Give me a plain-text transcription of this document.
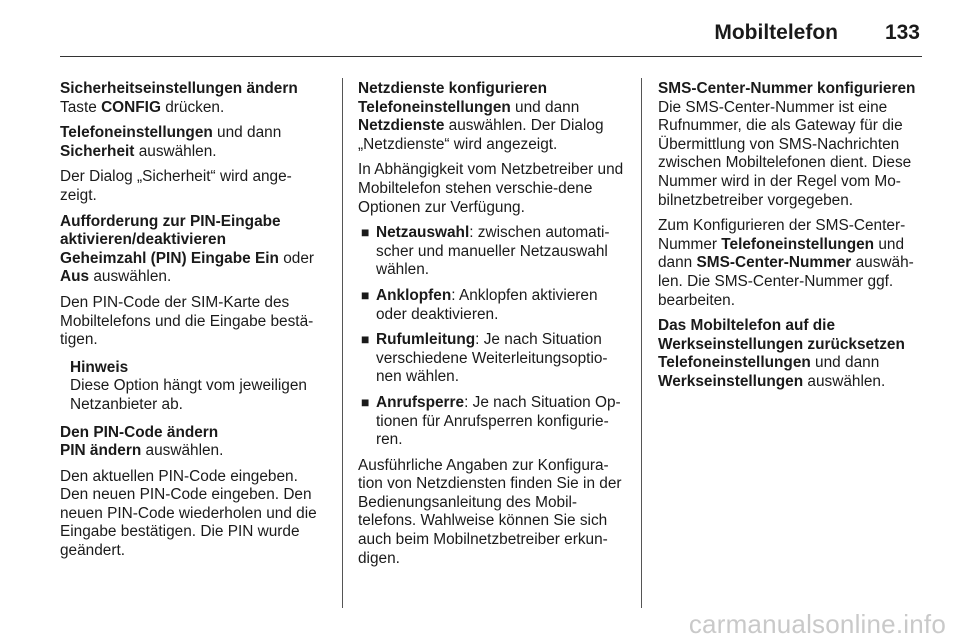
Mobiltelefon 133
Sicherheitseinstellungen ändern

Taste CONFIG drücken.

Telefoneinstellungen und dann Sicherheit auswählen.

Der Dialog „Sicherheit“ wird ange-zeigt.

Aufforderung zur PIN-Eingabe aktivieren/deaktivieren

Geheimzahl (PIN) Eingabe Ein oder Aus auswählen.

Den PIN-Code der SIM-Karte des Mobiltelefons und die Eingabe bestä-tigen.

Hinweis
Diese Option hängt vom jeweiligen Netzanbieter ab.
Den PIN-Code ändern

PIN ändern auswählen.

Den aktuellen PIN-Code eingeben. Den neuen PIN-Code eingeben. Den neuen PIN-Code wiederholen und die Eingabe bestätigen. Die PIN wurde geändert.

Netzdienste konfigurieren

Telefoneinstellungen und dann Netzdienste auswählen. Der Dialog „Netzdienste“ wird angezeigt.

In Abhängigkeit vom Netzbetreiber und Mobiltelefon stehen verschie-dene Optionen zur Verfügung.

■ Netzauswahl: zwischen automati-scher und manueller Netzauswahl wählen.
■ Anklopfen: Anklopfen aktivieren oder deaktivieren.
■ Rufumleitung: Je nach Situation verschiedene Weiterleitungsoptio-nen wählen.
■ Anrufsperre: Je nach Situation Op-tionen für Anrufsperren konfigurie-ren.

Ausführliche Angaben zur Konfigura-tion von Netzdiensten finden Sie in der Bedienungsanleitung des Mobil-telefons. Wahlweise können Sie sich auch beim Mobilnetzbetreiber erkun-digen.

SMS-Center-Nummer konfigurieren

Die SMS-Center-Nummer ist eine Rufnummer, die als Gateway für die Übermittlung von SMS-Nachrichten zwischen Mobiltelefonen dient. Diese Nummer wird in der Regel vom Mo-bilnetzbetreiber vorgegeben.

Zum Konfigurieren der SMS-Center-Nummer Telefoneinstellungen und dann SMS-Center-Nummer auswäh-len. Die SMS-Center-Nummer ggf. bearbeiten.

Das Mobiltelefon auf die Werkseinstellungen zurücksetzen

Telefoneinstellungen und dann Werkseinstellungen auswählen.

carmanualsonline.info
